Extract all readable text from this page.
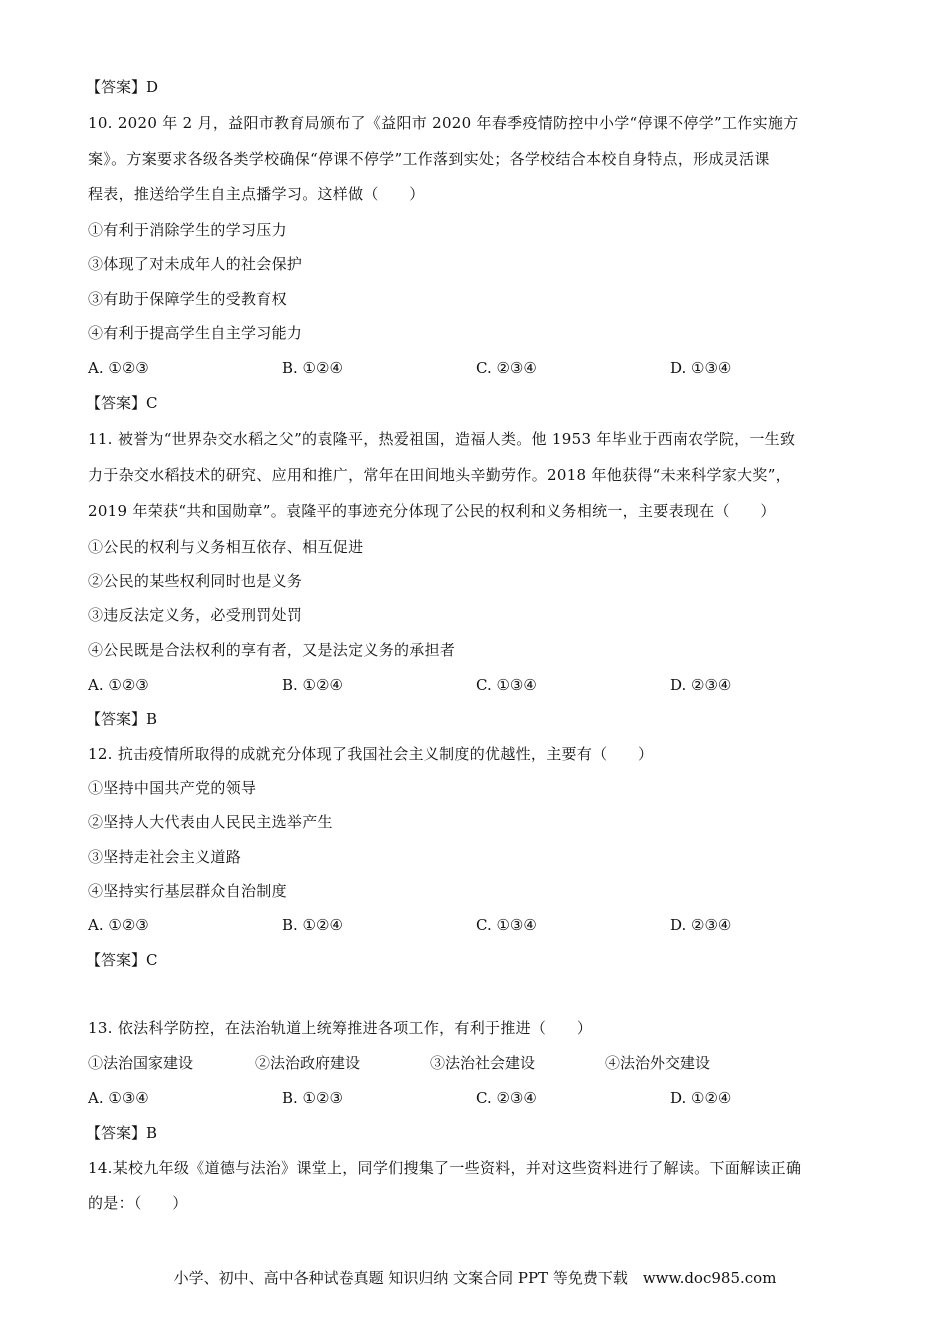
【答案】D
10. 2020 年 2 月，益阳市教育局颁布了《益阳市 2020 年春季疫情防控中小学“停课不停学”工作实施方
案》。方案要求各级各类学校确保“停课不停学”工作落到实处；各学校结合本校自身特点，形成灵活课
程表，推送给学生自主点播学习。这样做（　　）
①有利于消除学生的学习压力
③体现了对未成年人的社会保护
③有助于保障学生的受教育权
④有利于提高学生自主学习能力
A. ①②③	B. ①②④	C. ②③④	D. ①③④
【答案】C
11. 被誉为“世界杂交水稻之父”的袁隆平，热爱祖国，造福人类。他 1953 年毕业于西南农学院，一生致
力于杂交水稻技术的研究、应用和推广，常年在田间地头辛勤劳作。2018 年他获得“未来科学家大奖”，
2019 年荣获“共和国勋章”。袁隆平的事迹充分体现了公民的权利和义务相统一，主要表现在（　　）
①公民的权利与义务相互依存、相互促进
②公民的某些权利同时也是义务
③违反法定义务，必受刑罚处罚
④公民既是合法权利的享有者，又是法定义务的承担者
A. ①②③	B. ①②④	C. ①③④	D. ②③④
【答案】B
12. 抗击疫情所取得的成就充分体现了我国社会主义制度的优越性，主要有（　　）
①坚持中国共产党的领导
②坚持人大代表由人民民主选举产生
③坚持走社会主义道路
④坚持实行基层群众自治制度
A. ①②③	B. ①②④	C. ①③④	D. ②③④
【答案】C
13. 依法科学防控，在法治轨道上统筹推进各项工作，有利于推进（　　）
①法治国家建设	②法治政府建设	③法治社会建设	④法治外交建设
A. ①③④	B. ①②③	C. ②③④	D. ①②④
【答案】B
14.某校九年级《道德与法治》课堂上，同学们搜集了一些资料，并对这些资料进行了解读。下面解读正确
的是：（　　）
小学、初中、高中各种试卷真题 知识归纳 文案合同 PPT 等免费下载　www.doc985.com
